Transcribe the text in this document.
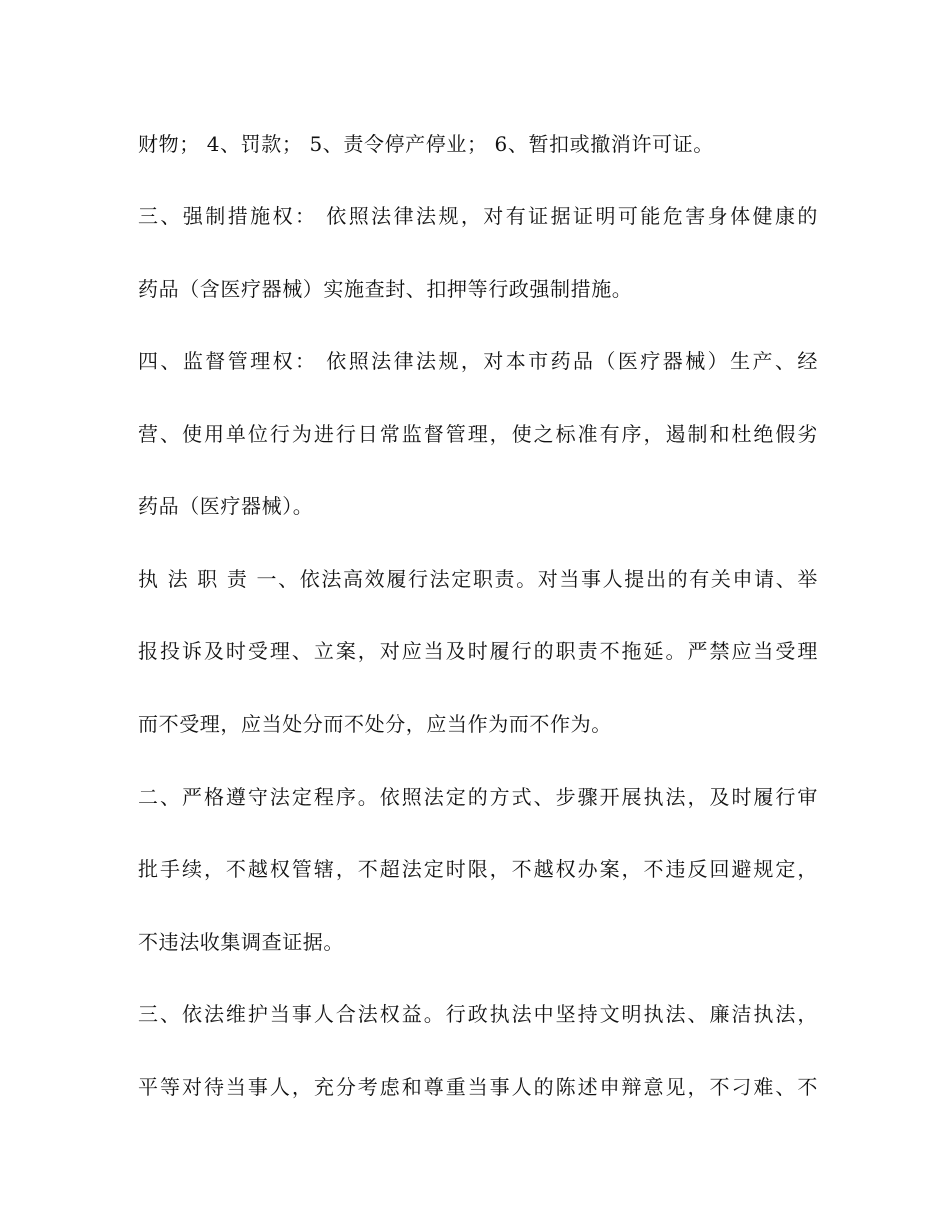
财物； 4、罚款； 5、责令停产停业； 6、暂扣或撤消许可证。
三、强制措施权： 依照法律法规，对有证据证明可能危害身体健康的
药品（含医疗器械）实施查封、扣押等行政强制措施。
四、监督管理权： 依照法律法规，对本市药品（医疗器械）生产、经
营、使用单位行为进行日常监督管理，使之标准有序，遏制和杜绝假劣
药品（医疗器械）。
执 法 职 责 一、依法高效履行法定职责。对当事人提出的有关申请、举
报投诉及时受理、立案，对应当及时履行的职责不拖延。严禁应当受理
而不受理，应当处分而不处分，应当作为而不作为。
二、严格遵守法定程序。依照法定的方式、步骤开展执法，及时履行审
批手续，不越权管辖，不超法定时限，不越权办案，不违反回避规定，
不违法收集调查证据。
三、依法维护当事人合法权益。行政执法中坚持文明执法、廉洁执法，
平等对待当事人，充分考虑和尊重当事人的陈述申辩意见，不刁难、不
